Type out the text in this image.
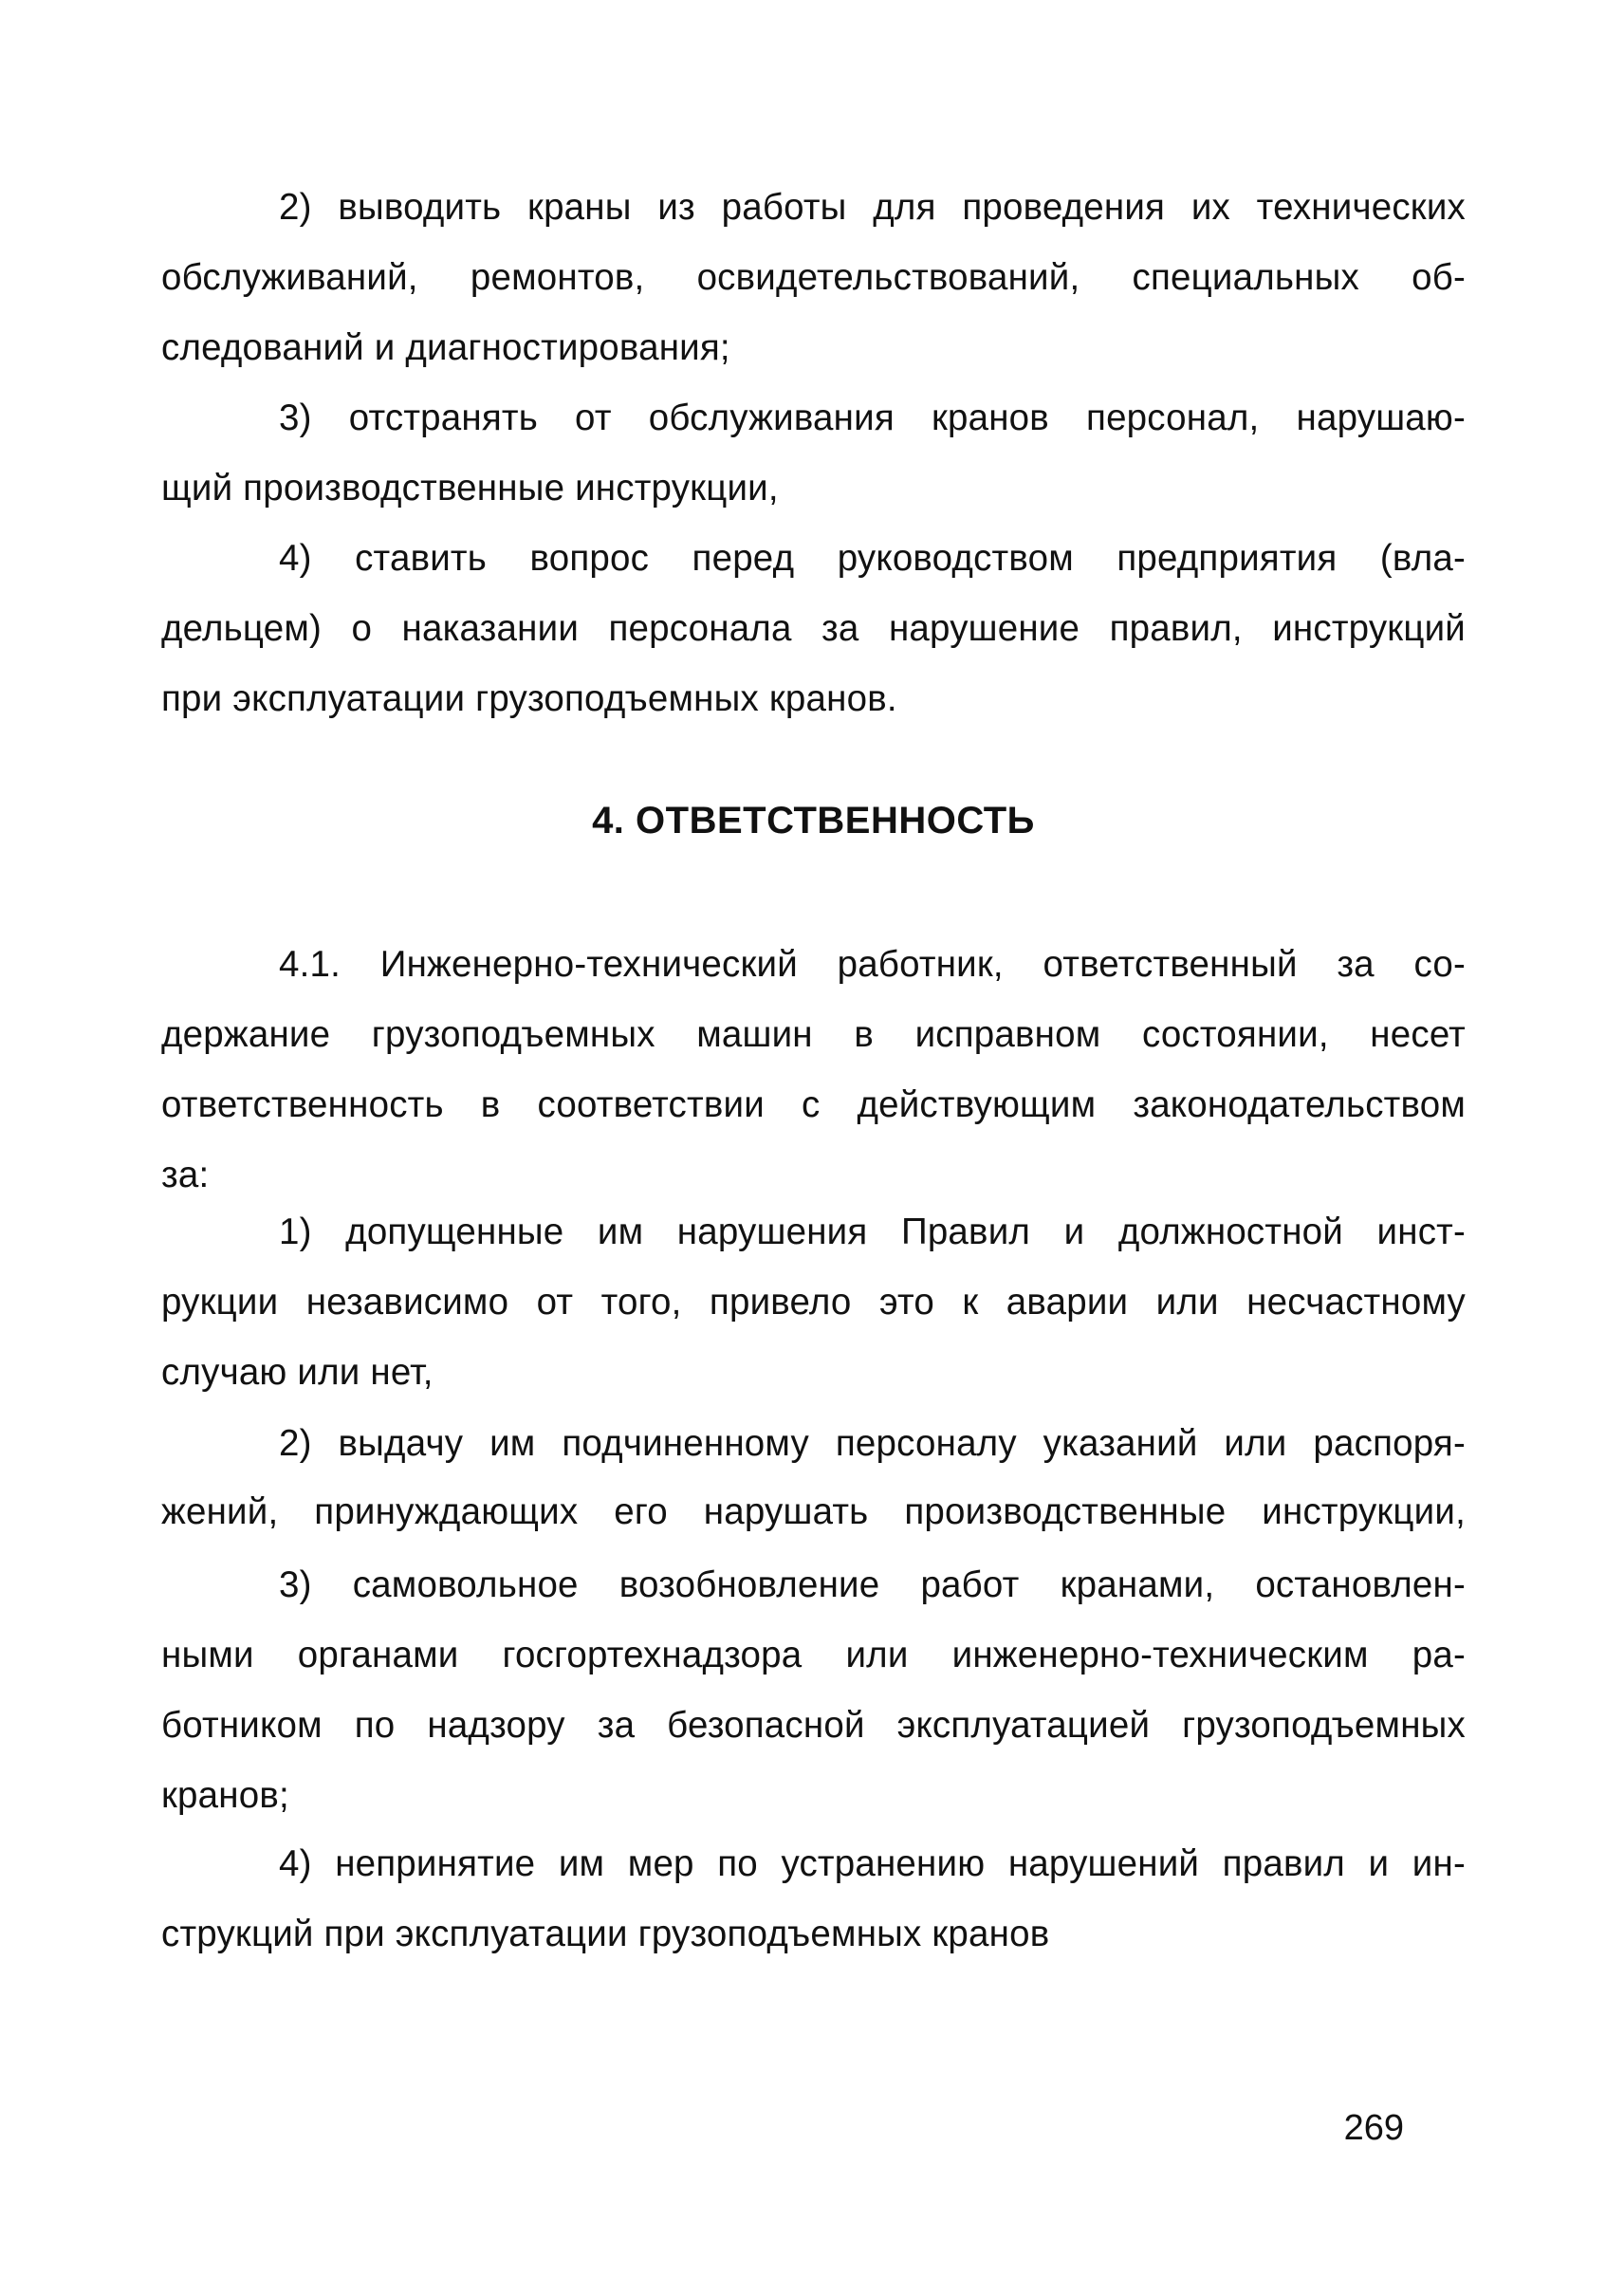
2) выводить краны из работы для проведения их технических
обслуживаний, ремонтов, освидетельствований, специальных об-
следований и диагностирования;
3) отстранять от обслуживания кранов персонал, нарушаю-
щий производственные инструкции,
4) ставить вопрос перед руководством предприятия (вла-
дельцем) о наказании персонала за нарушение правил, инструкций
при эксплуатации грузоподъемных кранов.
4. ОТВЕТСТВЕННОСТЬ
4.1. Инженерно-технический работник, ответственный за со-
держание грузоподъемных машин в исправном состоянии, несет
ответственность в соответствии с действующим законодательством
за:
1) допущенные им нарушения Правил и должностной инст-
рукции независимо от того, привело это к аварии или несчастному
случаю или нет,
2) выдачу им подчиненному персоналу указаний или распоря-
жений, принуждающих его нарушать производственные инструкции,
3) самовольное возобновление работ кранами, остановлен-
ными органами госгортехнадзора или инженерно-техническим ра-
ботником по надзору за безопасной эксплуатацией грузоподъемных
кранов;
4) непринятие им мер по устранению нарушений правил и ин-
струкций при эксплуатации грузоподъемных кранов
269
